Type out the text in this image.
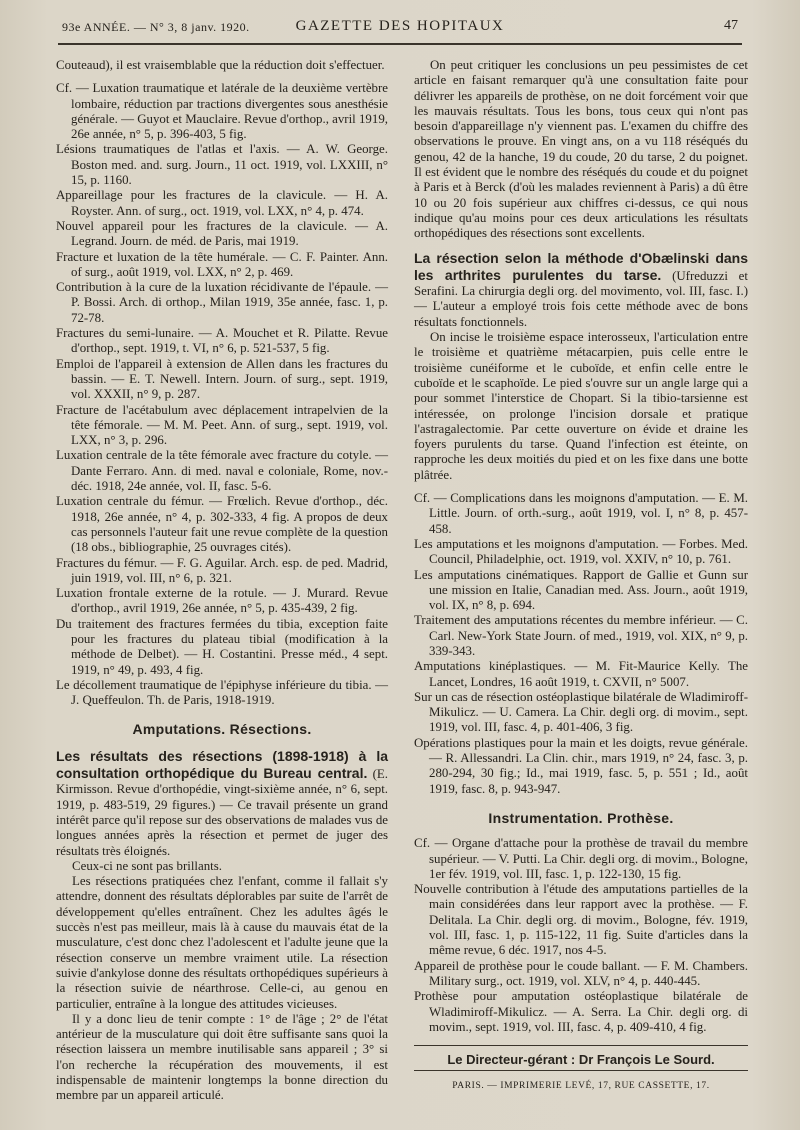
93e ANNÉE. — N° 3, 8 janv. 1920.	GAZETTE DES HOPITAUX	47

Couteaud), il est vraisemblable que la réduction doit s'effectuer.

Cf. — Luxation traumatique et latérale de la deuxième vertèbre lombaire, réduction par tractions divergentes sous anesthésie générale. — Guyot et Mauclaire. Revue d'orthop., avril 1919, 26e année, n° 5, p. 396-403, 5 fig.

Lésions traumatiques de l'atlas et l'axis. — A. W. George. Boston med. and. surg. Journ., 11 oct. 1919, vol. LXXIII, n° 15, p. 1160.

Appareillage pour les fractures de la clavicule. — H. A. Royster. Ann. of surg., oct. 1919, vol. LXX, n° 4, p. 474.

Nouvel appareil pour les fractures de la clavicule. — A. Legrand. Journ. de méd. de Paris, mai 1919.

Fracture et luxation de la tête humérale. — C. F. Painter. Ann. of surg., août 1919, vol. LXX, n° 2, p. 469.

Contribution à la cure de la luxation récidivante de l'épaule. — P. Bossi. Arch. di orthop., Milan 1919, 35e année, fasc. 1, p. 72-78.

Fractures du semi-lunaire. — A. Mouchet et R. Pilatte. Revue d'orthop., sept. 1919, t. VI, n° 6, p. 521-537, 5 fig.

Emploi de l'appareil à extension de Allen dans les fractures du bassin. — E. T. Newell. Intern. Journ. of surg., sept. 1919, vol. XXXII, n° 9, p. 287.

Fracture de l'acétabulum avec déplacement intrapelvien de la tête fémorale. — M. M. Peet. Ann. of surg., sept. 1919, vol. LXX, n° 3, p. 296.

Luxation centrale de la tête fémorale avec fracture du cotyle. — Dante Ferraro. Ann. di med. naval e coloniale, Rome, nov.-déc. 1918, 24e année, vol. II, fasc. 5-6.

Luxation centrale du fémur. — Frœlich. Revue d'orthop., déc. 1918, 26e année, n° 4, p. 302-333, 4 fig. A propos de deux cas personnels l'auteur fait une revue complète de la question (18 obs., bibliographie, 25 ouvrages cités).

Fractures du fémur. — F. G. Aguilar. Arch. esp. de ped. Madrid, juin 1919, vol. III, n° 6, p. 321.

Luxation frontale externe de la rotule. — J. Murard. Revue d'orthop., avril 1919, 26e année, n° 5, p. 435-439, 2 fig.

Du traitement des fractures fermées du tibia, exception faite pour les fractures du plateau tibial (modification à la méthode de Delbet). — H. Costantini. Presse méd., 4 sept. 1919, n° 49, p. 493, 4 fig.

Le décollement traumatique de l'épiphyse inférieure du tibia. — J. Queffeulon. Th. de Paris, 1918-1919.

Amputations. Résections.

Les résultats des résections (1898-1918) à la consultation orthopédique du Bureau central. (E. Kirmisson. Revue d'orthopédie, vingt-sixième année, n° 6, sept. 1919, p. 483-519, 29 figures.) — Ce travail présente un grand intérêt parce qu'il repose sur des observations de malades vus de longues années après la résection et permet de juger des résultats très éloignés.

Ceux-ci ne sont pas brillants.

Les résections pratiquées chez l'enfant, comme il fallait s'y attendre, donnent des résultats déplorables par suite de l'arrêt de développement qu'elles entraînent. Chez les adultes âgés le succès n'est pas meilleur, mais là à cause du mauvais état de la musculature, c'est donc chez l'adolescent et l'adulte jeune que la résection conserve un membre vraiment utile. La résection suivie d'ankylose donne des résultats orthopédiques supérieurs à la résection suivie de néarthrose. Celle-ci, au genou en particulier, entraîne à la longue des attitudes vicieuses.

Il y a donc lieu de tenir compte : 1° de l'âge ; 2° de l'état antérieur de la musculature qui doit être suffisante sans quoi la résection laissera un membre inutilisable sans appareil ; 3° si l'on recherche la récupération des mouvements, il est indispensable de maintenir longtemps la bonne direction du membre par un appareil articulé.

On peut critiquer les conclusions un peu pessimistes de cet article en faisant remarquer qu'à une consultation faite pour délivrer les appareils de prothèse, on ne doit forcément voir que les mauvais résultats. Tous les bons, tous ceux qui n'ont pas besoin d'appareillage n'y viennent pas. L'examen du chiffre des observations le prouve. En vingt ans, on a vu 118 réséqués du genou, 42 de la hanche, 19 du coude, 20 du tarse, 2 du poignet. Il est évident que le nombre des réséqués du coude et du poignet à Paris et à Berck (d'où les malades reviennent à Paris) a dû être 10 ou 20 fois supérieur aux chiffres ci-dessus, ce qui nous indique qu'au moins pour ces deux articulations les résultats orthopédiques des résections sont excellents.

La résection selon la méthode d'Obælinski dans les arthrites purulentes du tarse. (Ufreduzzi et Serafini. La chirurgia degli org. del movimento, vol. III, fasc. I.) — L'auteur a employé trois fois cette méthode avec de bons résultats fonctionnels.

On incise le troisième espace interosseux, l'articulation entre le troisième et quatrième métacarpien, puis celle entre le troisième cunéiforme et le cuboïde, et enfin celle entre le cuboïde et le scaphoïde. Le pied s'ouvre sur un angle large qui a pour sommet l'interstice de Chopart. Si la tibio-tarsienne est intéressée, on prolonge l'incision dorsale et pratique l'astragalectomie. Par cette ouverture on évide et draine les foyers purulents du tarse. Quand l'infection est éteinte, on rapproche les deux moitiés du pied et on les fixe dans une botte plâtrée.

Cf. — Complications dans les moignons d'amputation. — E. M. Little. Journ. of orth.-surg., août 1919, vol. I, n° 8, p. 457-458.

Les amputations et les moignons d'amputation. — Forbes. Med. Council, Philadelphie, oct. 1919, vol. XXIV, n° 10, p. 761.

Les amputations cinématiques. Rapport de Gallie et Gunn sur une mission en Italie, Canadian med. Ass. Journ., août 1919, vol. IX, n° 8, p. 694.

Traitement des amputations récentes du membre inférieur. — C. Carl. New-York State Journ. of med., 1919, vol. XIX, n° 9, p. 339-343.

Amputations kinéplastiques. — M. Fit-Maurice Kelly. The Lancet, Londres, 16 août 1919, t. CXVII, n° 5007.

Sur un cas de résection ostéoplastique bilatérale de Wladimiroff-Mikulicz. — U. Camera. La Chir. degli org. di movim., sept. 1919, vol. III, fasc. 4, p. 401-406, 3 fig.

Opérations plastiques pour la main et les doigts, revue générale. — R. Allessandri. La Clin. chir., mars 1919, n° 24, fasc. 3, p. 280-294, 30 fig.; Id., mai 1919, fasc. 5, p. 551 ; Id., août 1919, fasc. 8, p. 943-947.

Instrumentation. Prothèse.

Cf. — Organe d'attache pour la prothèse de travail du membre supérieur. — V. Putti. La Chir. degli org. di movim., Bologne, 1er fév. 1919, vol. III, fasc. 1, p. 122-130, 15 fig.

Nouvelle contribution à l'étude des amputations partielles de la main considérées dans leur rapport avec la prothèse. — F. Delitala. La Chir. degli org. di movim., Bologne, fév. 1919, vol. III, fasc. 1, p. 115-122, 11 fig. Suite d'articles dans la même revue, 6 déc. 1917, nos 4-5.

Appareil de prothèse pour le coude ballant. — F. M. Chambers. Military surg., oct. 1919, vol. XLV, n° 4, p. 440-445.

Prothèse pour amputation ostéoplastique bilatérale de Wladimiroff-Mikulicz. — A. Serra. La Chir. degli org. di movim., sept. 1919, vol. III, fasc. 4, p. 409-410, 4 fig.

Le Directeur-gérant : Dr François Le Sourd.
PARIS. — IMPRIMERIE LEVÉ, 17, RUE CASSETTE, 17.
